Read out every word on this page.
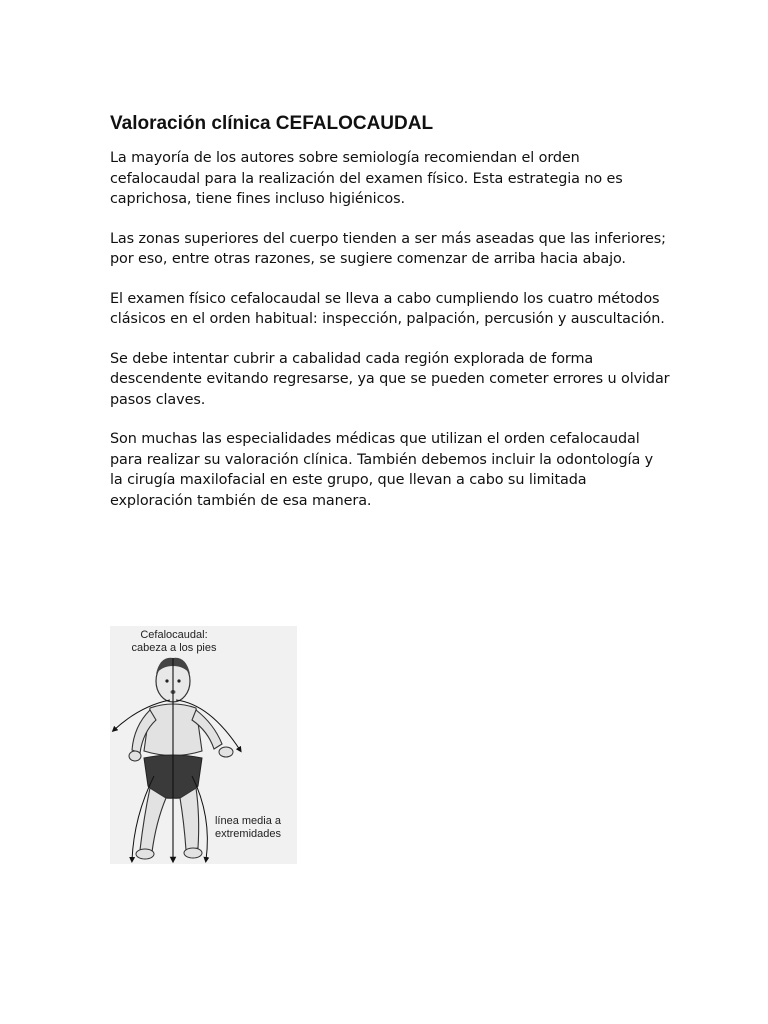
Valoración clínica CEFALOCAUDAL

La mayoría de los autores sobre semiología recomiendan el orden cefalocaudal para la realización del examen físico. Esta estrategia no es caprichosa, tiene fines incluso higiénicos.

Las zonas superiores del cuerpo tienden a ser más aseadas que las inferiores; por eso, entre otras razones, se sugiere comenzar de arriba hacia abajo.

El examen físico cefalocaudal se lleva a cabo cumpliendo los cuatro métodos clásicos en el orden habitual: inspección, palpación, percusión y auscultación.

Se debe intentar cubrir a cabalidad cada región explorada de forma descendente evitando regresarse, ya que se pueden cometer errores u olvidar pasos claves.

Son muchas las especialidades médicas que utilizan el orden cefalocaudal para realizar su valoración clínica. También debemos incluir la odontología y la cirugía maxilofacial en este grupo, que llevan a cabo su limitada exploración también de esa manera.

Cefalocaudal:
cabeza a los pies
línea media a
extremidades
